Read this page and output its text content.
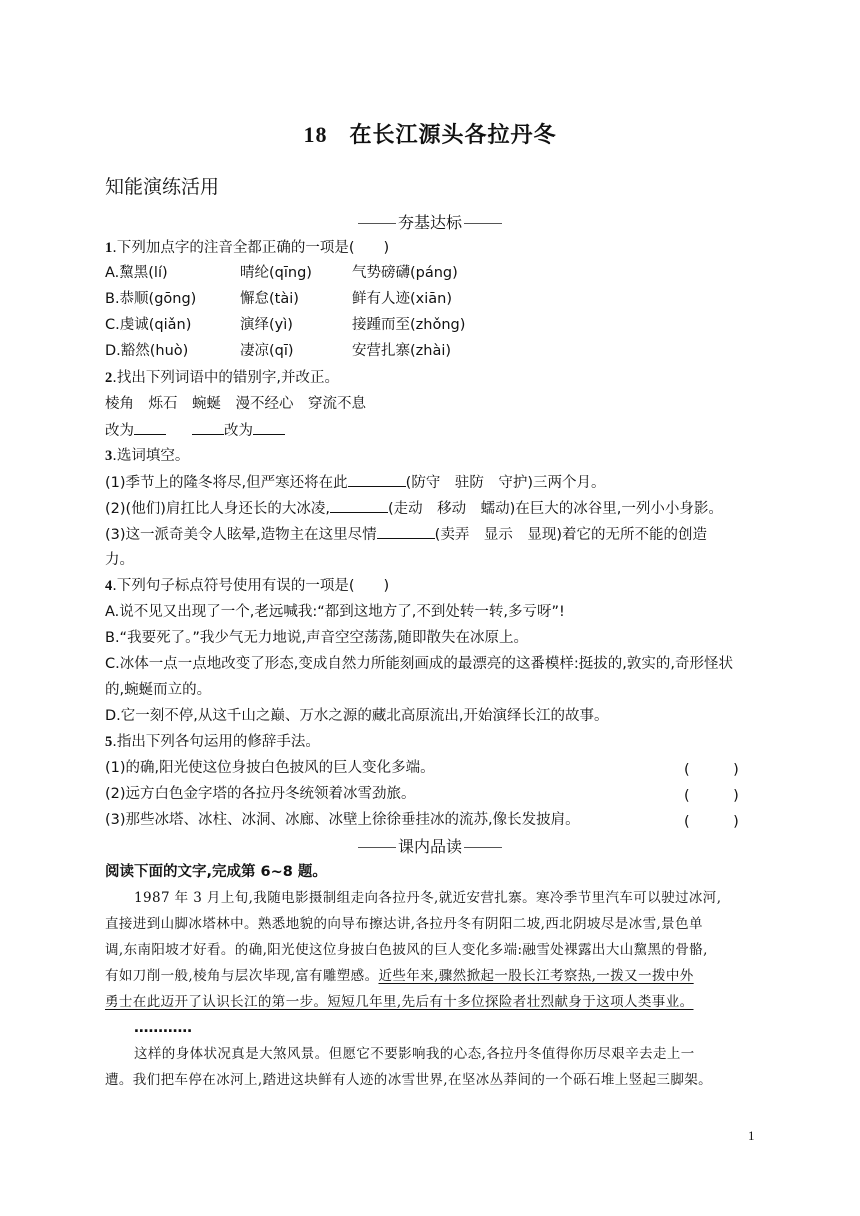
18 在长江源头各拉丹冬
知能演练活用
夯基达标
1.下列加点字的注音全都正确的一项是(　　)
A.黧黑(lí)	晴纶(qīng)	气势磅礴(páng)
B.恭顺(gōng)	懈怠(tài)	鲜有人迹(xiān)
C.虔诚(qiǎn)	演绎(yì)	接踵而至(zhǒng)
D.豁然(huò)	凄凉(qī)	安营扎寨(zhài)
2.找出下列词语中的错别字,并改正。
棱角　烁石　蜿蜒　漫不经心　穿流不息
改为	改为
3.选词填空。
(1)季节上的隆冬将尽,但严寒还将在此	(防守　驻防　守护)三两个月。
(2)(他们)肩扛比人身还长的大冰凌,	(走动　移动　蠕动)在巨大的冰谷里,一列小小身影。
(3)这一派奇美令人眩晕,造物主在这里尽情	(卖弄　显示　显现)着它的无所不能的创造
力。
4.下列句子标点符号使用有误的一项是(　　)
A.说不见又出现了一个,老远喊我:“都到这地方了,不到处转一转,多亏呀”!
B.“我要死了。”我少气无力地说,声音空空荡荡,随即散失在冰原上。
C.冰体一点一点地改变了形态,变成自然力所能刻画成的最漂亮的这番模样:挺拔的,敦实的,奇形怪状
的,蜿蜒而立的。
D.它一刻不停,从这千山之巅、万水之源的藏北高原流出,开始演绎长江的故事。
5.指出下列各句运用的修辞手法。
(1)的确,阳光使这位身披白色披风的巨人变化多端。	(　　　)
(2)远方白色金字塔的各拉丹冬统领着冰雪劲旅。	(　　　)
(3)那些冰塔、冰柱、冰洞、冰廊、冰壁上徐徐垂挂冰的流苏,像长发披肩。	(　　　)
课内品读
阅读下面的文字,完成第 6~8 题。
1987 年 3 月上旬,我随电影摄制组走向各拉丹冬,就近安营扎寨。寒冷季节里汽车可以驶过冰河,
直接进到山脚冰塔林中。熟悉地貌的向导布擦达讲,各拉丹冬有阴阳二坡,西北阴坡尽是冰雪,景色单
调,东南阳坡才好看。的确,阳光使这位身披白色披风的巨人变化多端:融雪处裸露出大山黧黑的骨骼,
有如刀削一般,棱角与层次毕现,富有雕塑感。近些年来,骤然掀起一股长江考察热,一拨又一拨中外
勇士在此迈开了认识长江的第一步。短短几年里,先后有十多位探险者壮烈献身于这项人类事业。
…………
这样的身体状况真是大煞风景。但愿它不要影响我的心态,各拉丹冬值得你历尽艰辛去走上一
遭。我们把车停在冰河上,踏进这块鲜有人迹的冰雪世界,在坚冰丛莽间的一个砾石堆上竖起三脚架。
1
